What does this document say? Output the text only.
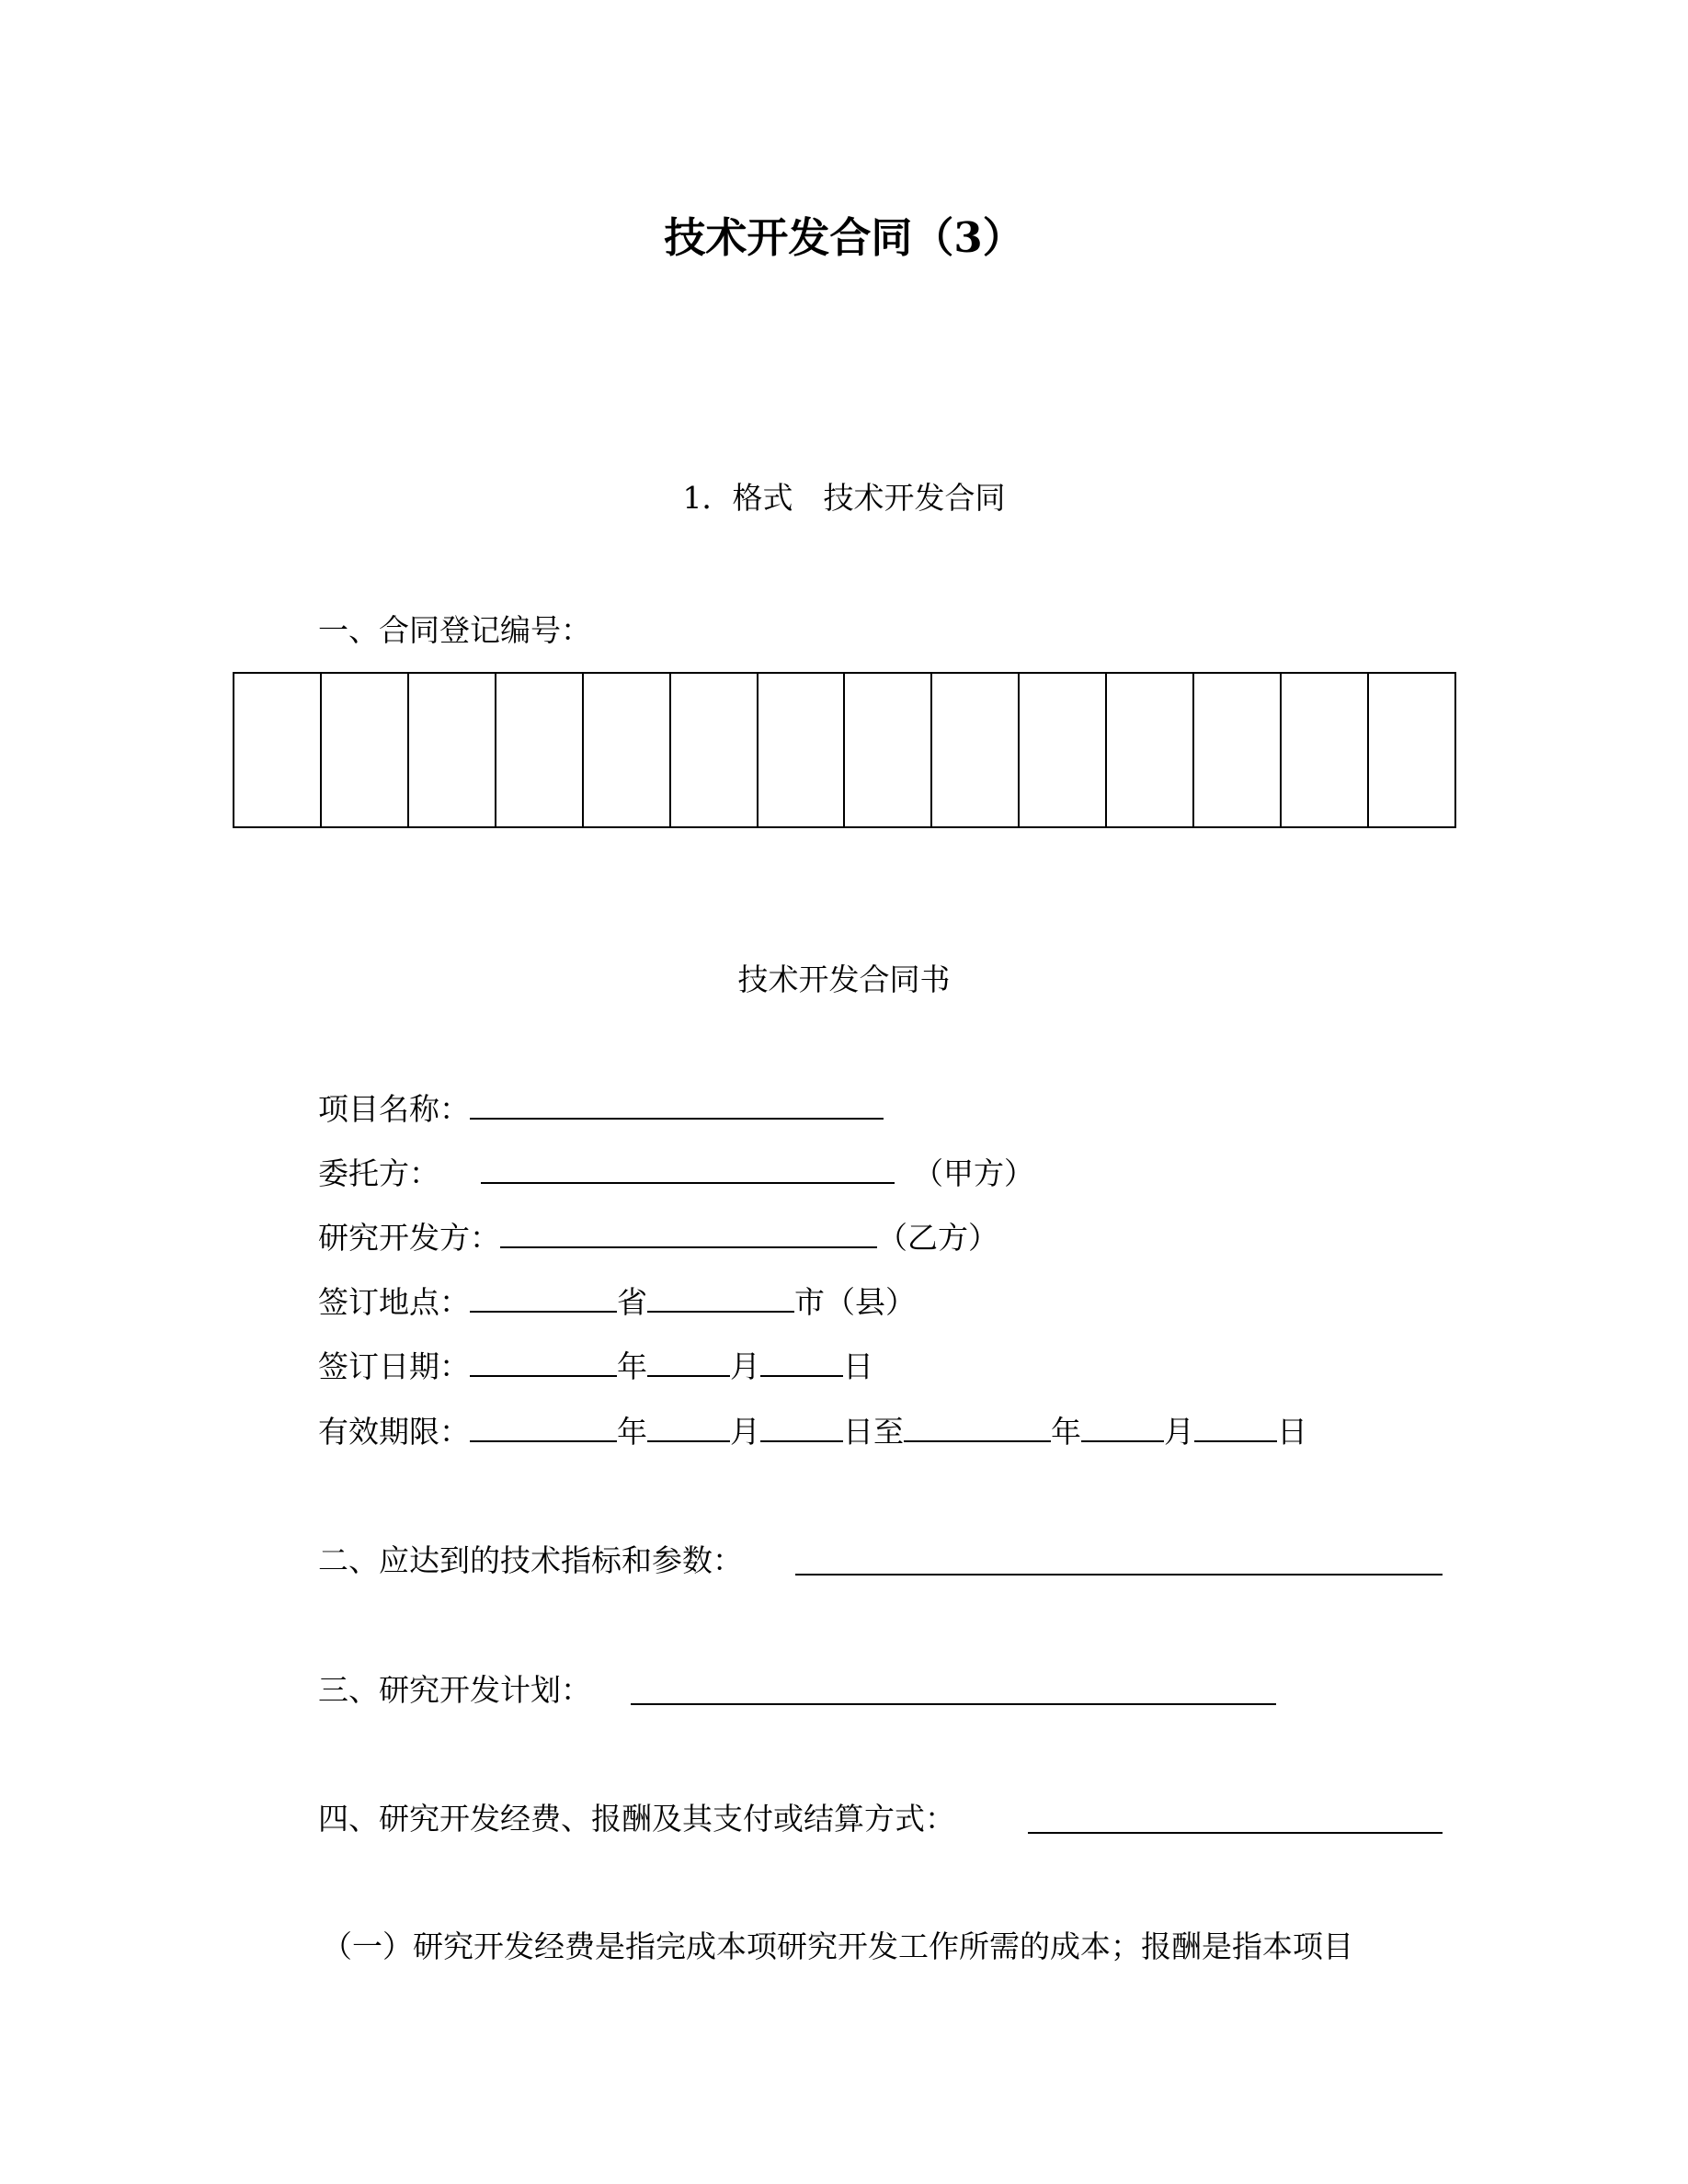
技术开发合同（3）
1．格式　技术开发合同
一、合同登记编号：

技术开发合同书
项目名称：
委托方：	（甲方）
研究开发方：	（乙方）
签订地点：	省	市（县）
签订日期：	年	月	日
有效期限：	年	月	日至	年	月	日
二、应达到的技术指标和参数：
三、研究开发计划：
四、研究开发经费、报酬及其支付或结算方式：
（一）研究开发经费是指完成本项研究开发工作所需的成本；报酬是指本项目
